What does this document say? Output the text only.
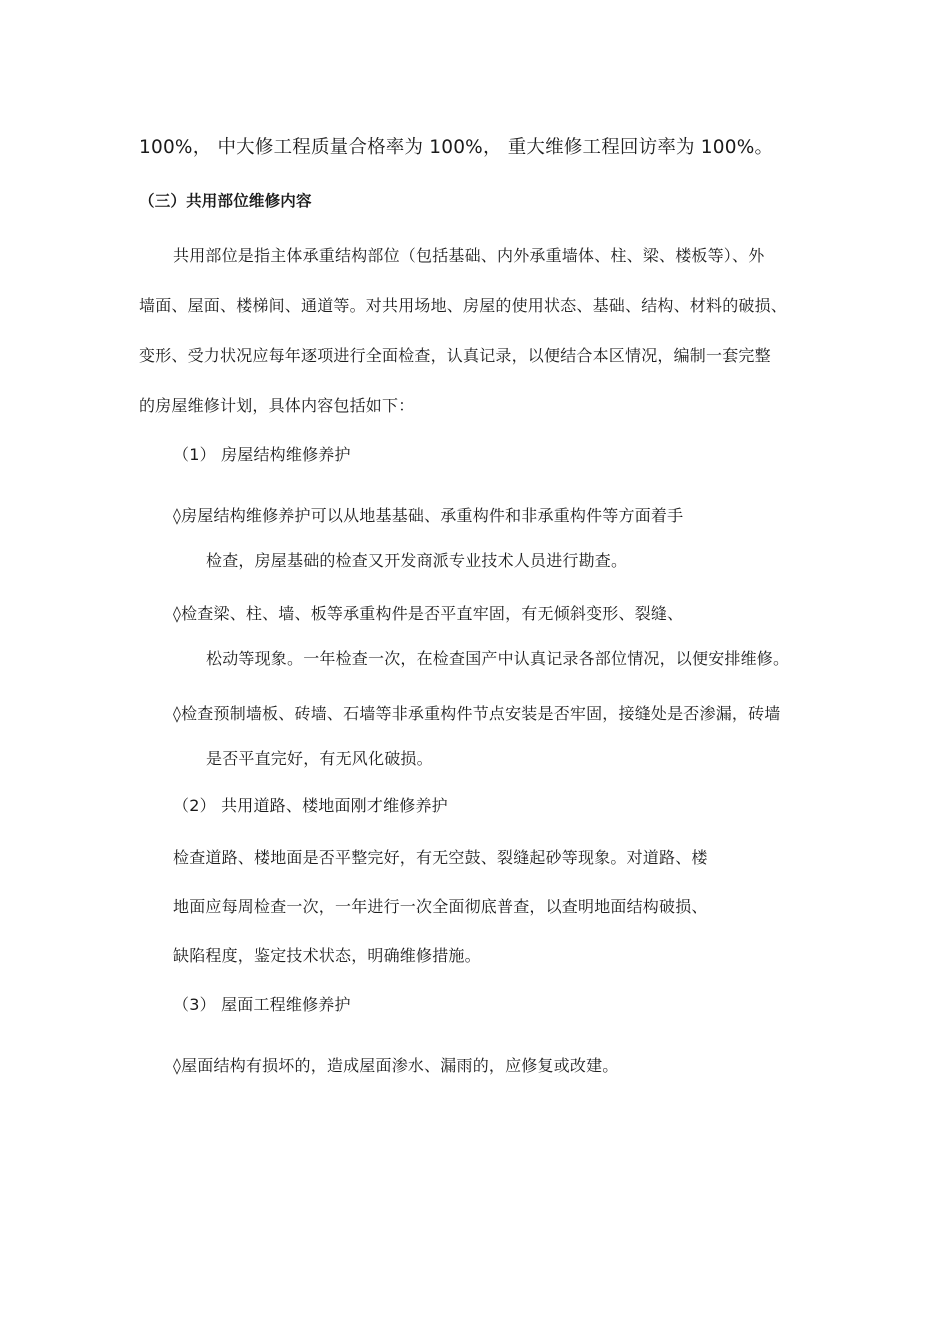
100%， 中大修工程质量合格率为 100%， 重大维修工程回访率为 100%。
（三）共用部位维修内容
共用部位是指主体承重结构部位（包括基础、内外承重墙体、柱、梁、楼板等）、外
墙面、屋面、楼梯间、通道等。对共用场地、房屋的使用状态、基础、结构、材料的破损、
变形、受力状况应每年逐项进行全面检查，认真记录，以便结合本区情况，编制一套完整
的房屋维修计划，具体内容包括如下：
（1） 房屋结构维修养护
◊房屋结构维修养护可以从地基基础、承重构件和非承重构件等方面着手
检查，房屋基础的检查又开发商派专业技术人员进行勘查。
◊检查梁、柱、墙、板等承重构件是否平直牢固，有无倾斜变形、裂缝、
松动等现象。一年检查一次，在检查国产中认真记录各部位情况，以便安排维修。
◊检查预制墙板、砖墙、石墙等非承重构件节点安装是否牢固，接缝处是否渗漏，砖墙
是否平直完好，有无风化破损。
（2） 共用道路、楼地面刚才维修养护
检查道路、楼地面是否平整完好，有无空鼓、裂缝起砂等现象。对道路、楼
地面应每周检查一次，一年进行一次全面彻底普查，以查明地面结构破损、
缺陷程度，鉴定技术状态，明确维修措施。
（3） 屋面工程维修养护
◊屋面结构有损坏的，造成屋面渗水、漏雨的，应修复或改建。
